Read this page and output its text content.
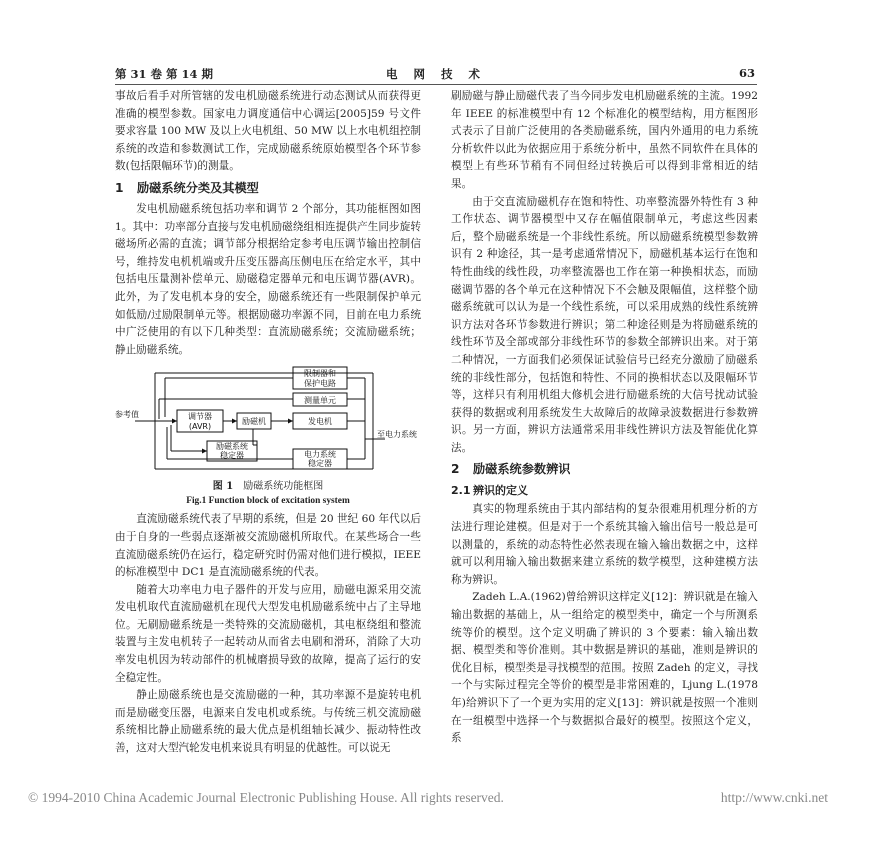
第 31 卷 第 14 期	电 网 技 术	63

事故后看手对所管辖的发电机励磁系统进行动态测试从而获得更准确的模型参数。国家电力调度通信中心调运[2005]59 号文件要求容量 100 MW 及以上火电机组、50 MW 以上水电机组控制系统的改造和参数测试工作，完成励磁系统原始模型各个环节参数(包括限幅环节)的测量。

1 励磁系统分类及其模型

发电机励磁系统包括功率和调节 2 个部分，其功能框图如图 1。其中：功率部分直接与发电机励磁绕组相连提供产生同步旋转磁场所必需的直流；调节部分根据给定参考电压调节输出控制信号，维持发电机机端或升压变压器高压侧电压在给定水平，其中包括电压量测补偿单元、励磁稳定器单元和电压调节器(AVR)。此外，为了发电机本身的安全，励磁系统还有一些限制保护单元如低励/过励限制单元等。根据励磁功率源不同，目前在电力系统中广泛使用的有以下几种类型：直流励磁系统；交流励磁系统；静止励磁系统。

限制器和
保护电路
测量单元
调节器
(AVR)
励磁机	发电机
励磁系统
稳定器	电力系统
稳定器
参考值
至电力系统
图 1 励磁系统功能框图
Fig.1 Function block of excitation system

直流励磁系统代表了早期的系统，但是 20 世纪 60 年代以后由于自身的一些弱点逐渐被交流励磁机所取代。在某些场合一些直流励磁系统仍在运行，稳定研究时仍需对他们进行模拟，IEEE 的标准模型中 DC1 是直流励磁系统的代表。

随着大功率电力电子器件的开发与应用，励磁电源采用交流发电机取代直流励磁机在现代大型发电机励磁系统中占了主导地位。无刷励磁系统是一类特殊的交流励磁机，其电枢绕组和整流装置与主发电机转子一起转动从而省去电刷和滑环，消除了大功率发电机因为转动部件的机械磨损导致的故障，提高了运行的安全稳定性。

静止励磁系统也是交流励磁的一种，其功率源不是旋转电机而是励磁变压器，电源来自发电机或系统。与传统三机交流励磁系统相比静止励磁系统的最大优点是机组轴长减少、振动特性改善，这对大型汽轮发电机来说具有明显的优越性。可以说无

刷励磁与静止励磁代表了当今同步发电机励磁系统的主流。1992 年 IEEE 的标准模型中有 12 个标准化的模型结构，用方框图形式表示了目前广泛使用的各类励磁系统，国内外通用的电力系统分析软件以此为依据应用于系统分析中，虽然不同软件在具体的模型上有些环节稍有不同但经过转换后可以得到非常相近的结果。

由于交直流励磁机存在饱和特性、功率整流器外特性有 3 种工作状态、调节器模型中又存在幅值限制单元，考虑这些因素后，整个励磁系统是一个非线性系统。所以励磁系统模型参数辨识有 2 种途径，其一是考虑通常情况下，励磁机基本运行在饱和特性曲线的线性段，功率整流器也工作在第一种换相状态，而励磁调节器的各个单元在这种情况下不会触及限幅值，这样整个励磁系统就可以认为是一个线性系统，可以采用成熟的线性系统辨识方法对各环节参数进行辨识；第二种途径则是为将励磁系统的线性环节及全部或部分非线性环节的参数全部辨识出来。对于第二种情况，一方面我们必须保证试验信号已经充分激励了励磁系统的非线性部分，包括饱和特性、不同的换相状态以及限幅环节等，这样只有利用机组大修机会进行励磁系统的大信号扰动试验获得的数据或利用系统发生大故障后的故障录波数据进行参数辨识。另一方面，辨识方法通常采用非线性辨识方法及智能优化算法。

2 励磁系统参数辨识
2.1 辨识的定义

真实的物理系统由于其内部结构的复杂很难用机理分析的方法进行理论建模。但是对于一个系统其输入输出信号一般总是可以测量的，系统的动态特性必然表现在输入输出数据之中，这样就可以利用输入输出数据来建立系统的数学模型，这种建模方法称为辨识。

Zadeh L.A.(1962)曾给辨识这样定义[12]：辨识就是在输入输出数据的基础上，从一组给定的模型类中，确定一个与所测系统等价的模型。这个定义明确了辨识的 3 个要素：输入输出数据、模型类和等价准则。其中数据是辨识的基础，准则是辨识的优化目标，模型类是寻找模型的范围。按照 Zadeh 的定义，寻找一个与实际过程完全等价的模型是非常困难的，Ljung L.(1978 年)给辨识下了一个更为实用的定义[13]：辨识就是按照一个准则在一组模型中选择一个与数据拟合最好的模型。按照这个定义，系

© 1994-2010 China Academic Journal Electronic Publishing House. All rights reserved.	http://www.cnki.net
